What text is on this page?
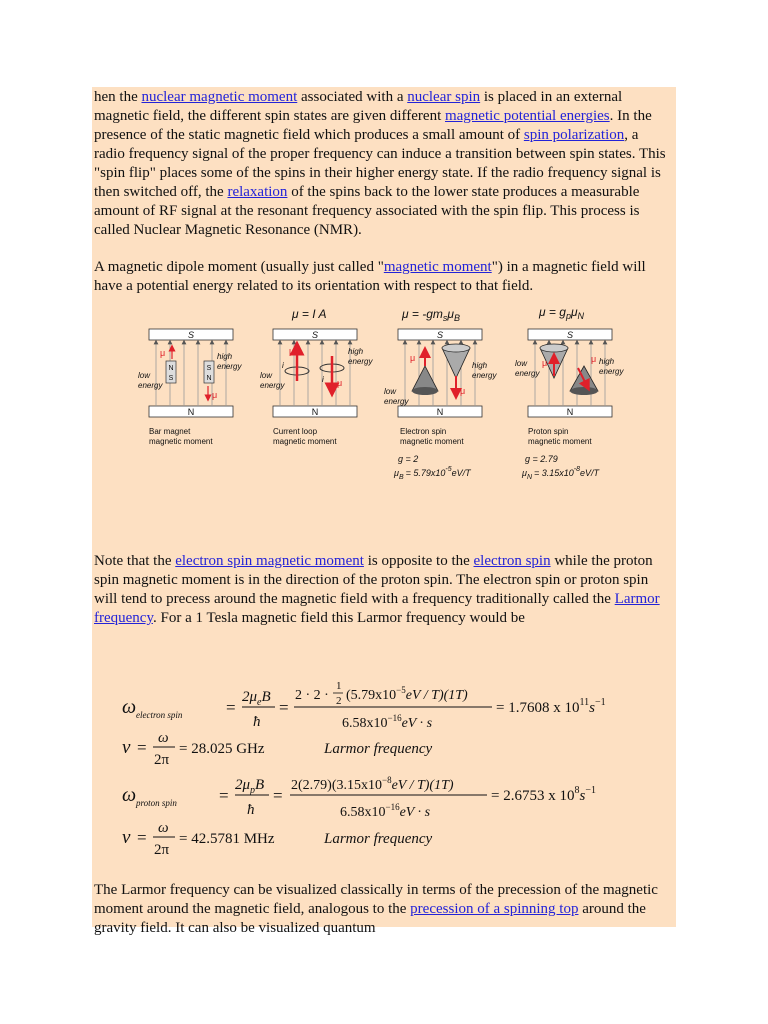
hen the nuclear magnetic moment associated with a nuclear spin is placed in an external magnetic field, the different spin states are given different magnetic potential energies. In the presence of the static magnetic field which produces a small amount of spin polarization, a radio frequency signal of the proper frequency can induce a transition between spin states. This "spin flip" places some of the spins in their higher energy state. If the radio frequency signal is then switched off, the relaxation of the spins back to the lower state produces a measurable amount of RF signal at the resonant frequency associated with the spin flip. This process is called Nuclear Magnetic Resonance (NMR).

A magnetic dipole moment (usually just called "magnetic moment") in a magnetic field will have a potential energy related to its orientation with respect to that field.

μ = I A	$\mu = -gm_s\mu_B$	$\mu = g_p\mu_N$
S
N
N
S
S
N
μ
μ
low
energy
high
energy
Bar magnet
magnetic moment
S
N
μ
i
μ
i
low
energy
high
energy
Current loop
magnetic moment
S
N
μ
μ
low
energy
high
energy
Electron spin
magnetic moment
g = 2
$\mu_B = 5.79x10^{-5}eV/T$
S
N
μ	μ
low
energy
high
energy
Proton spin
magnetic moment
g = 2.79
$\mu_N = 3.15x10^{-8}eV/T$

Note that the electron spin magnetic moment is opposite to the electron spin while the proton spin magnetic moment is in the direction of the proton spin. The electron spin or proton spin will tend to precess around the magnetic field with a frequency traditionally called the Larmor frequency. For a 1 Tesla magnetic field this Larmor frequency would be

ω electron spin	=
$2\mu_eB$
ħ
=
2 · 2 ·
1
2 $(5.79x10^{-5}eV / T)(1T)$
$6.58x10^{-16}eV \cdot s$
= 1.7608 x $10^{11}s^{-1}$
ν = ω
2π
= 28.025 GHz	Larmor frequency
ω proton spin =
$2\mu_pB$
ħ
=
$2(2.79)(3.15x10^{-8}eV / T)(1T)$
$6.58x10^{-16}eV \cdot s$
= 2.6753 x $10^8s^{-1}$
ν = ω
2π
= 42.5781 MHz	Larmor frequency

The Larmor frequency can be visualized classically in terms of the precession of the magnetic moment around the magnetic field, analogous to the precession of a spinning top around the gravity field. It can also be visualized quantum
